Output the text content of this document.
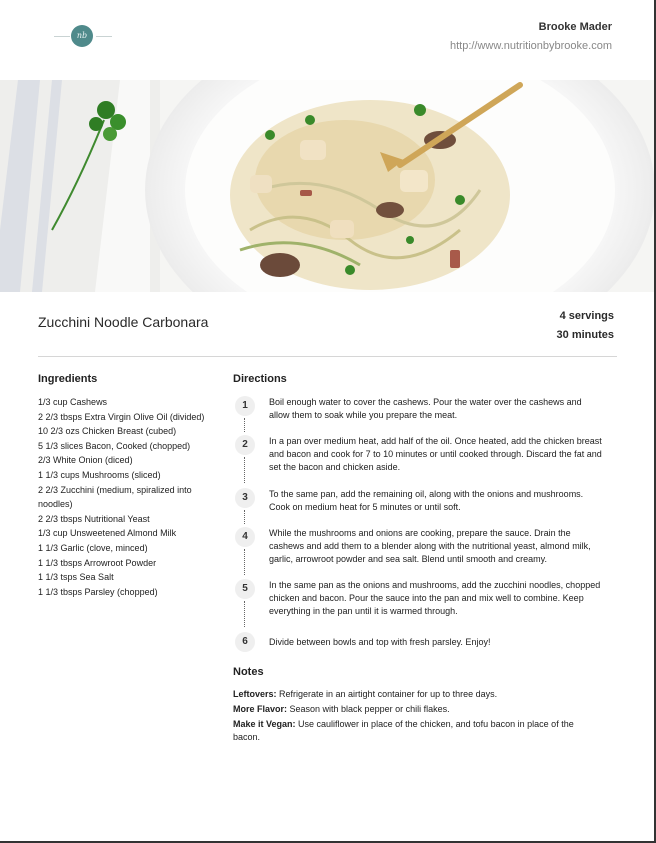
nb
Brooke Mader
http://www.nutritionbybrooke.com
Zucchini Noodle Carbonara	4 servings
30 minutes
Ingredients
1/3 cup Cashews
2 2/3 tbsps Extra Virgin Olive Oil (divided)
10 2/3 ozs Chicken Breast (cubed)
5 1/3 slices Bacon, Cooked (chopped)
2/3 White Onion (diced)
1 1/3 cups Mushrooms (sliced)
2 2/3 Zucchini (medium, spiralized into noodles)
2 2/3 tbsps Nutritional Yeast
1/3 cup Unsweetened Almond Milk
1 1/3 Garlic (clove, minced)
1 1/3 tbsps Arrowroot Powder
1 1/3 tsps Sea Salt
1 1/3 tbsps Parsley (chopped)
Directions
1	Boil enough water to cover the cashews. Pour the water over the cashews and allow them to soak while you prepare the meat.
2	In a pan over medium heat, add half of the oil. Once heated, add the chicken breast and bacon and cook for 7 to 10 minutes or until cooked through. Discard the fat and set the bacon and chicken aside.
3	To the same pan, add the remaining oil, along with the onions and mushrooms. Cook on medium heat for 5 minutes or until soft.
4	While the mushrooms and onions are cooking, prepare the sauce. Drain the cashews and add them to a blender along with the nutritional yeast, almond milk, garlic, arrowroot powder and sea salt. Blend until smooth and creamy.
5	In the same pan as the onions and mushrooms, add the zucchini noodles, chopped chicken and bacon. Pour the sauce into the pan and mix well to combine. Keep everything in the pan until it is warmed through.
6	Divide between bowls and top with fresh parsley. Enjoy!
Notes
Leftovers: Refrigerate in an airtight container for up to three days.
More Flavor: Season with black pepper or chili flakes.
Make it Vegan: Use cauliflower in place of the chicken, and tofu bacon in place of the bacon.
